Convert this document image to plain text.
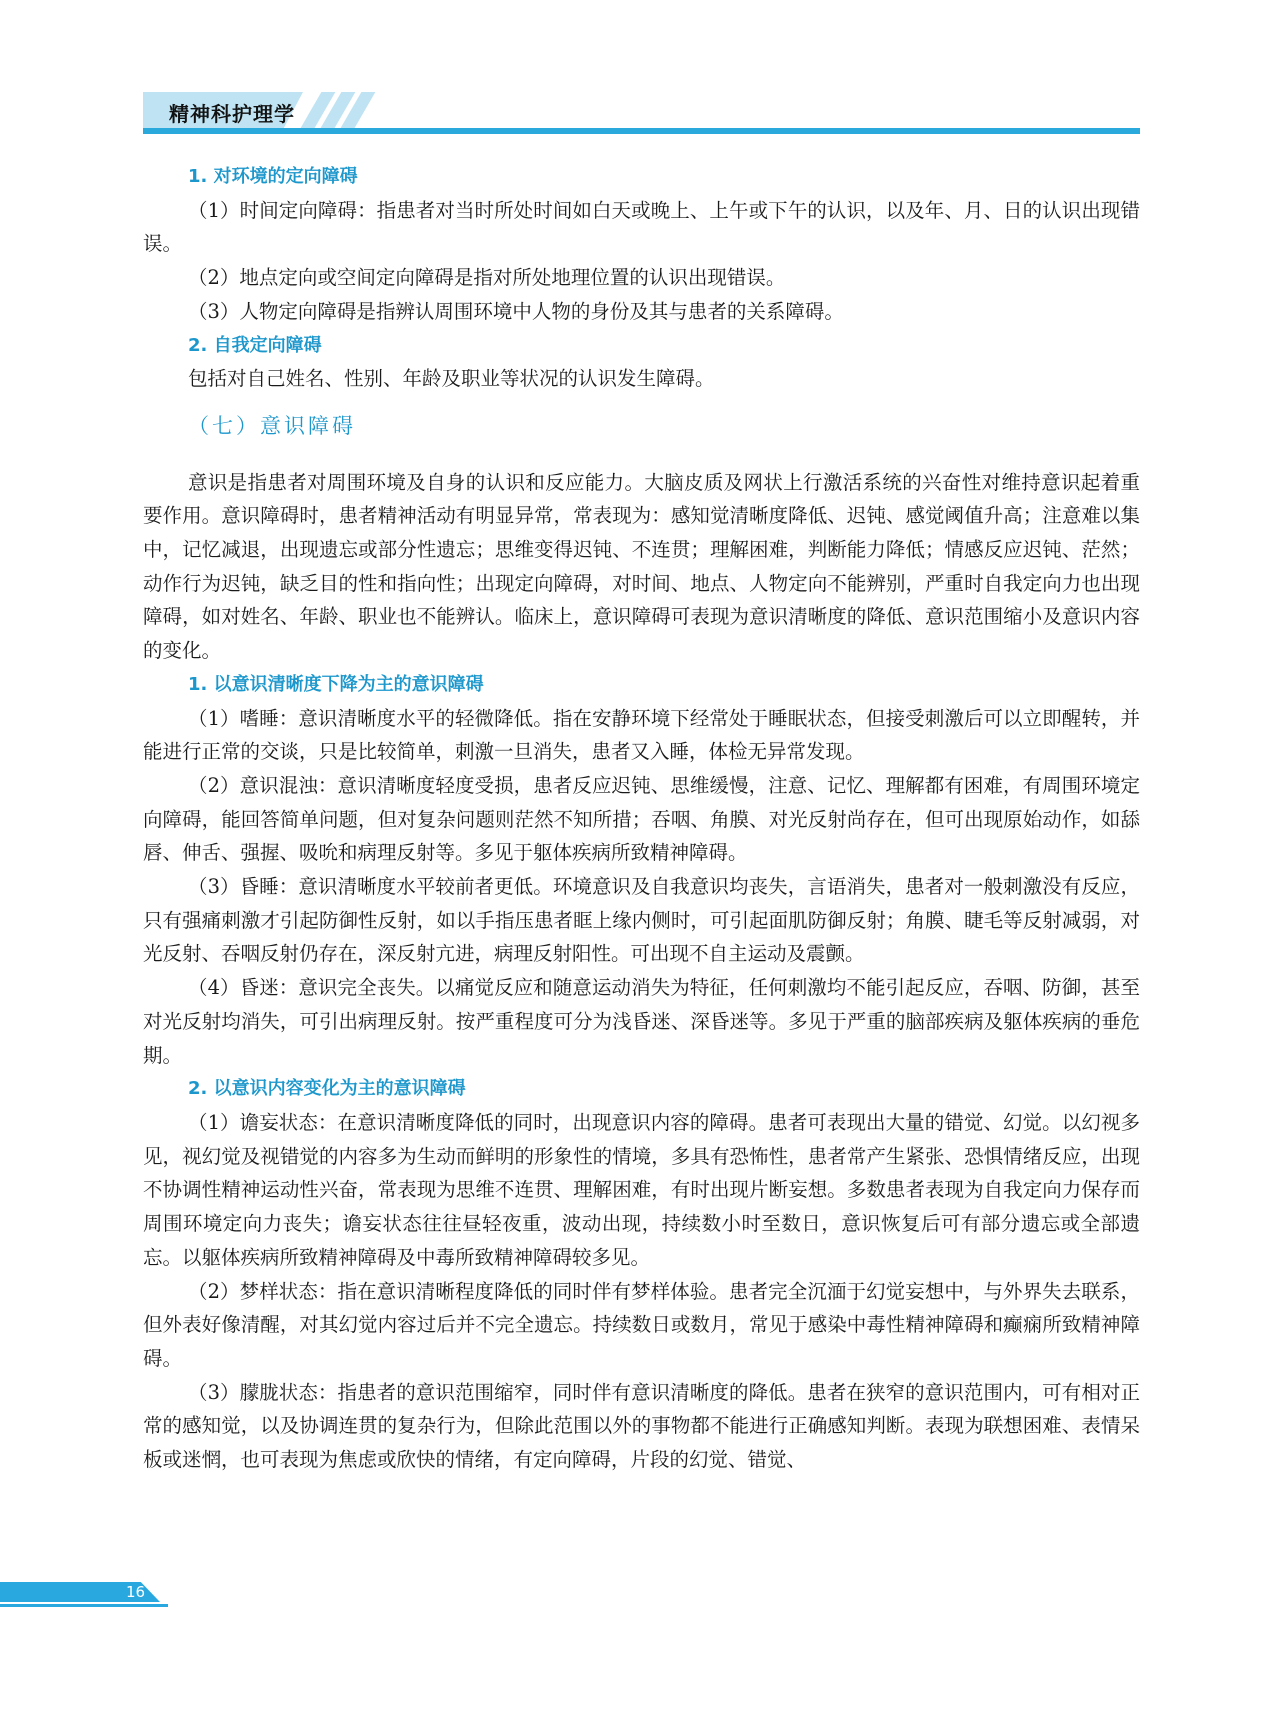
精神科护理学

1. 对环境的定向障碍

（1）时间定向障碍：指患者对当时所处时间如白天或晚上、上午或下午的认识，以及年、月、日的认识出现错误。

（2）地点定向或空间定向障碍是指对所处地理位置的认识出现错误。

（3）人物定向障碍是指辨认周围环境中人物的身份及其与患者的关系障碍。

2. 自我定向障碍

包括对自己姓名、性别、年龄及职业等状况的认识发生障碍。

（七）意识障碍

意识是指患者对周围环境及自身的认识和反应能力。大脑皮质及网状上行激活系统的兴奋性对维持意识起着重要作用。意识障碍时，患者精神活动有明显异常，常表现为：感知觉清晰度降低、迟钝、感觉阈值升高；注意难以集中，记忆减退，出现遗忘或部分性遗忘；思维变得迟钝、不连贯；理解困难，判断能力降低；情感反应迟钝、茫然；动作行为迟钝，缺乏目的性和指向性；出现定向障碍，对时间、地点、人物定向不能辨别，严重时自我定向力也出现障碍，如对姓名、年龄、职业也不能辨认。临床上，意识障碍可表现为意识清晰度的降低、意识范围缩小及意识内容的变化。

1. 以意识清晰度下降为主的意识障碍

（1）嗜睡：意识清晰度水平的轻微降低。指在安静环境下经常处于睡眠状态，但接受刺激后可以立即醒转，并能进行正常的交谈，只是比较简单，刺激一旦消失，患者又入睡，体检无异常发现。

（2）意识混浊：意识清晰度轻度受损，患者反应迟钝、思维缓慢，注意、记忆、理解都有困难，有周围环境定向障碍，能回答简单问题，但对复杂问题则茫然不知所措；吞咽、角膜、对光反射尚存在，但可出现原始动作，如舔唇、伸舌、强握、吸吮和病理反射等。多见于躯体疾病所致精神障碍。

（3）昏睡：意识清晰度水平较前者更低。环境意识及自我意识均丧失，言语消失，患者对一般刺激没有反应，只有强痛刺激才引起防御性反射，如以手指压患者眶上缘内侧时，可引起面肌防御反射；角膜、睫毛等反射减弱，对光反射、吞咽反射仍存在，深反射亢进，病理反射阳性。可出现不自主运动及震颤。

（4）昏迷：意识完全丧失。以痛觉反应和随意运动消失为特征，任何刺激均不能引起反应，吞咽、防御，甚至对光反射均消失，可引出病理反射。按严重程度可分为浅昏迷、深昏迷等。多见于严重的脑部疾病及躯体疾病的垂危期。

2. 以意识内容变化为主的意识障碍

（1）谵妄状态：在意识清晰度降低的同时，出现意识内容的障碍。患者可表现出大量的错觉、幻觉。以幻视多见，视幻觉及视错觉的内容多为生动而鲜明的形象性的情境，多具有恐怖性，患者常产生紧张、恐惧情绪反应，出现不协调性精神运动性兴奋，常表现为思维不连贯、理解困难，有时出现片断妄想。多数患者表现为自我定向力保存而周围环境定向力丧失；谵妄状态往往昼轻夜重，波动出现，持续数小时至数日，意识恢复后可有部分遗忘或全部遗忘。以躯体疾病所致精神障碍及中毒所致精神障碍较多见。

（2）梦样状态：指在意识清晰程度降低的同时伴有梦样体验。患者完全沉湎于幻觉妄想中，与外界失去联系，但外表好像清醒，对其幻觉内容过后并不完全遗忘。持续数日或数月，常见于感染中毒性精神障碍和癫痫所致精神障碍。

（3）朦胧状态：指患者的意识范围缩窄，同时伴有意识清晰度的降低。患者在狭窄的意识范围内，可有相对正常的感知觉，以及协调连贯的复杂行为，但除此范围以外的事物都不能进行正确感知判断。表现为联想困难、表情呆板或迷惘，也可表现为焦虑或欣快的情绪，有定向障碍，片段的幻觉、错觉、

16
